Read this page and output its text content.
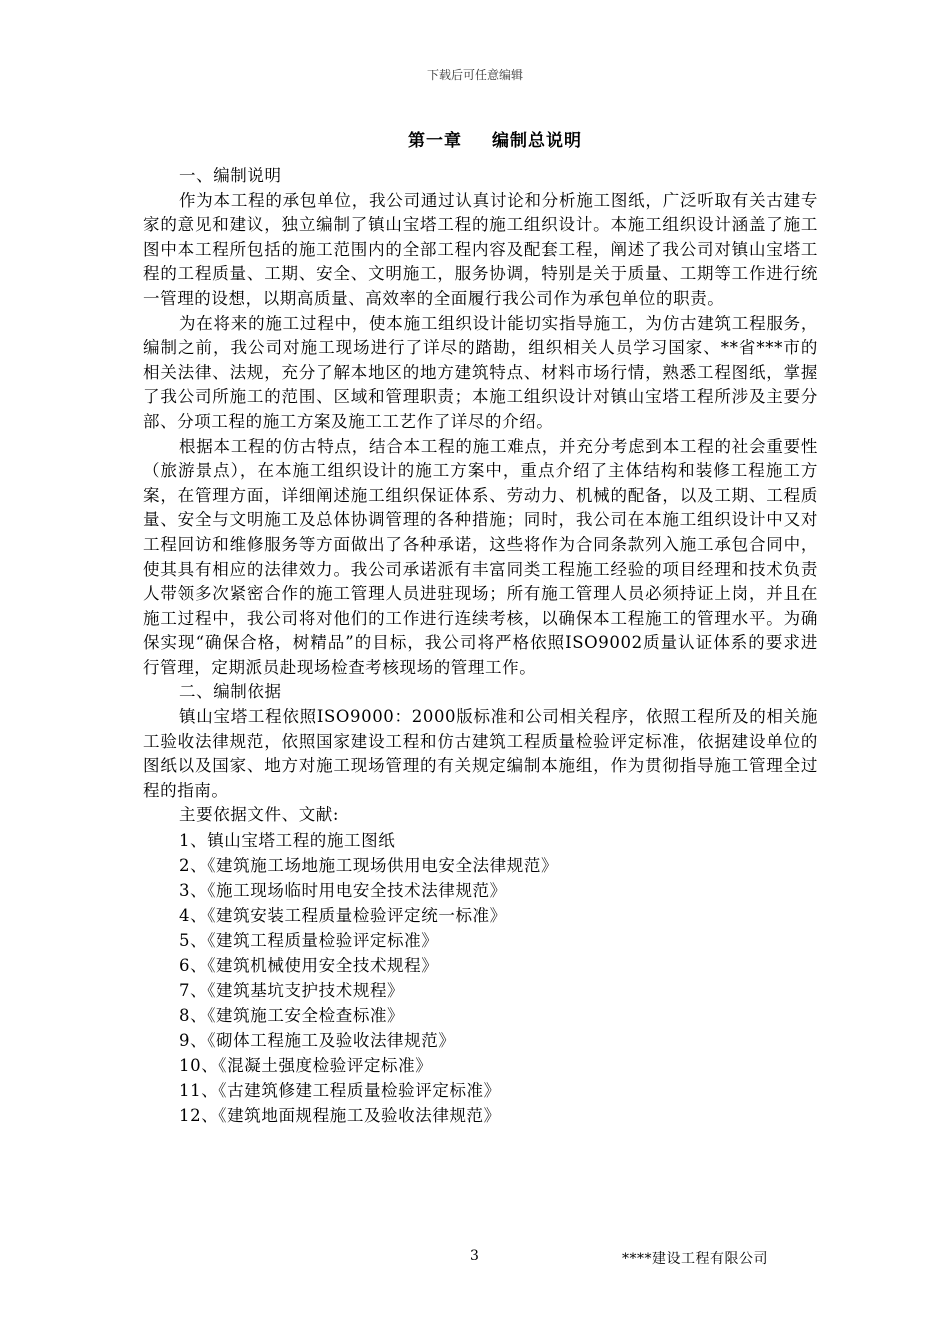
下载后可任意编辑
第一章 编制总说明

一、编制说明

作为本工程的承包单位，我公司通过认真讨论和分析施工图纸，广泛听取有关古建专家的意见和建议，独立编制了镇山宝塔工程的施工组织设计。本施工组织设计涵盖了施工图中本工程所包括的施工范围内的全部工程内容及配套工程，阐述了我公司对镇山宝塔工程的工程质量、工期、安全、文明施工，服务协调，特别是关于质量、工期等工作进行统一管理的设想，以期高质量、高效率的全面履行我公司作为承包单位的职责。

为在将来的施工过程中，使本施工组织设计能切实指导施工，为仿古建筑工程服务，编制之前，我公司对施工现场进行了详尽的踏勘，组织相关人员学习国家、**省***市的相关法律、法规，充分了解本地区的地方建筑特点、材料市场行情，熟悉工程图纸，掌握了我公司所施工的范围、区域和管理职责；本施工组织设计对镇山宝塔工程所涉及主要分部、分项工程的施工方案及施工工艺作了详尽的介绍。

根据本工程的仿古特点，结合本工程的施工难点，并充分考虑到本工程的社会重要性（旅游景点），在本施工组织设计的施工方案中，重点介绍了主体结构和装修工程施工方案，在管理方面，详细阐述施工组织保证体系、劳动力、机械的配备，以及工期、工程质量、安全与文明施工及总体协调管理的各种措施；同时，我公司在本施工组织设计中又对工程回访和维修服务等方面做出了各种承诺，这些将作为合同条款列入施工承包合同中，使其具有相应的法律效力。我公司承诺派有丰富同类工程施工经验的项目经理和技术负责人带领多次紧密合作的施工管理人员进驻现场；所有施工管理人员必须持证上岗，并且在施工过程中，我公司将对他们的工作进行连续考核，以确保本工程施工的管理水平。为确保实现“确保合格，树精品”的目标，我公司将严格依照ISO9002质量认证体系的要求进行管理，定期派员赴现场检查考核现场的管理工作。

二、编制依据

镇山宝塔工程依照ISO9000：2000版标准和公司相关程序，依照工程所及的相关施工验收法律规范，依照国家建设工程和仿古建筑工程质量检验评定标准，依据建设单位的图纸以及国家、地方对施工现场管理的有关规定编制本施组，作为贯彻指导施工管理全过程的指南。

主要依据文件、文献:

1、镇山宝塔工程的施工图纸
2、《建筑施工场地施工现场供用电安全法律规范》
3、《施工现场临时用电安全技术法律规范》
4、《建筑安装工程质量检验评定统一标准》
5、《建筑工程质量检验评定标准》
6、《建筑机械使用安全技术规程》
7、《建筑基坑支护技术规程》
8、《建筑施工安全检查标准》
9、《砌体工程施工及验收法律规范》
10、《混凝土强度检验评定标准》
11、《古建筑修建工程质量检验评定标准》
12、《建筑地面规程施工及验收法律规范》
3	****建设工程有限公司
